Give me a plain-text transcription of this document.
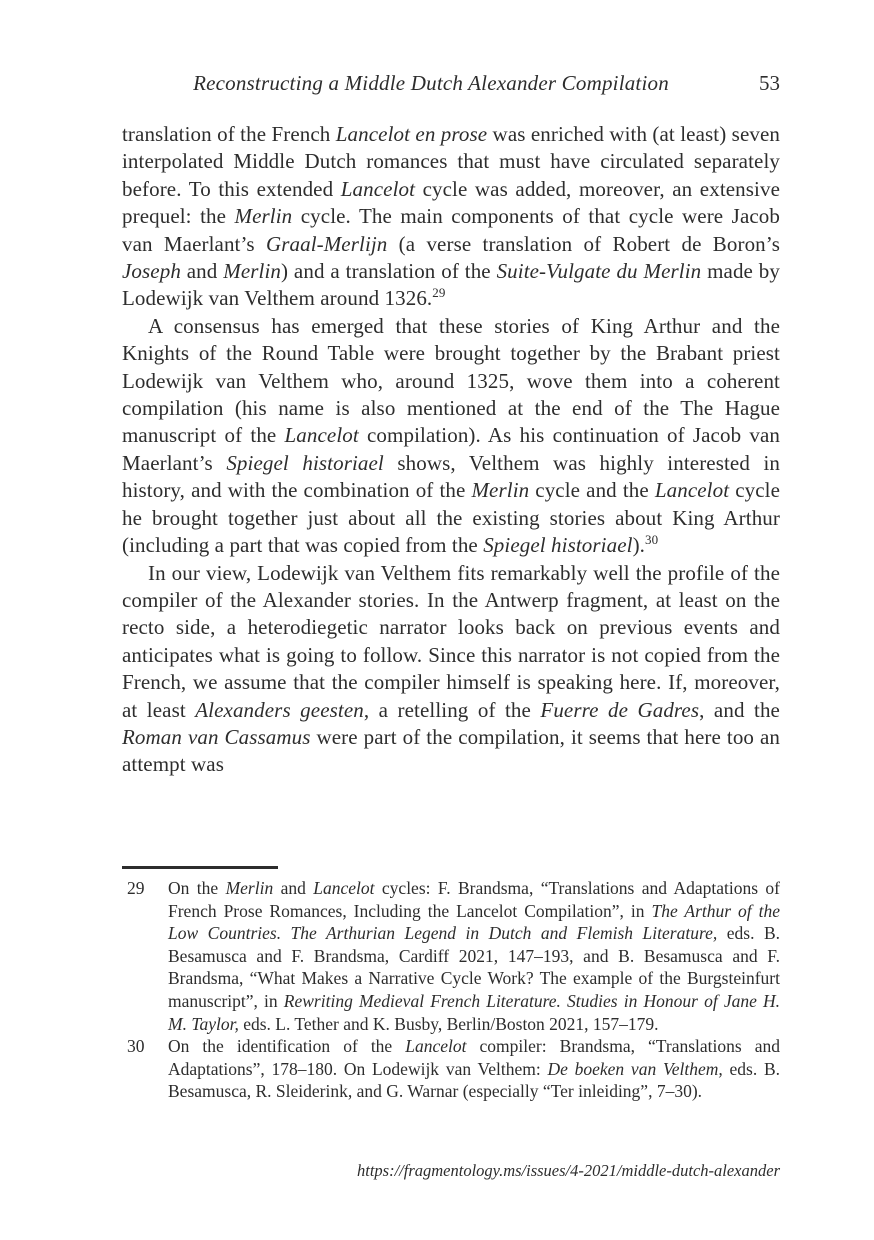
Reconstructing a Middle Dutch Alexander Compilation	53

translation of the French Lancelot en prose was enriched with (at least) seven interpolated Middle Dutch romances that must have circulated separately before. To this extended Lancelot cycle was added, moreover, an extensive prequel: the Merlin cycle. The main components of that cycle were Jacob van Maerlant’s Graal-Merlijn (a verse translation of Robert de Boron’s Joseph and Merlin) and a translation of the Suite-Vulgate du Merlin made by Lodewijk van Velthem around 1326.29

A consensus has emerged that these stories of King Arthur and the Knights of the Round Table were brought together by the Brabant priest Lodewijk van Velthem who, around 1325, wove them into a coherent compilation (his name is also mentioned at the end of the The Hague manuscript of the Lancelot compilation). As his continuation of Jacob van Maerlant’s Spiegel historiael shows, Velthem was highly interested in history, and with the combination of the Merlin cycle and the Lancelot cycle he brought together just about all the existing stories about King Arthur (including a part that was copied from the Spiegel historiael).$^{30}$

In our view, Lodewijk van Velthem fits remarkably well the profile of the compiler of the Alexander stories. In the Antwerp fragment, at least on the recto side, a heterodiegetic narrator looks back on previous events and anticipates what is going to follow. Since this narrator is not copied from the French, we assume that the compiler himself is speaking here. If, moreover, at least Alexanders geesten, a retelling of the Fuerre de Gadres, and the Roman van Cassamus were part of the compilation, it seems that here too an attempt was

29	On the Merlin and Lancelot cycles: F. Brandsma, “Translations and Adaptations of French Prose Romances, Including the Lancelot Compilation”, in The Arthur of the Low Countries. The Arthurian Legend in Dutch and Flemish Literature, eds. B. Besamusca and F. Brandsma, Cardiff 2021, 147–193, and B. Besamusca and F. Brandsma, “What Makes a Narrative Cycle Work? The example of the Burgsteinfurt manuscript”, in Rewriting Medieval French Literature. Studies in Honour of Jane H. M. Taylor, eds. L. Tether and K. Busby, Berlin/Boston 2021, 157–179.
30	On the identification of the Lancelot compiler: Brandsma, “Translations and Adaptations”, 178–180. On Lodewijk van Velthem: De boeken van Velthem, eds. B. Besamusca, R. Sleiderink, and G. Warnar (especially “Ter inleiding”, 7–30).
https://fragmentology.ms/issues/4-2021/middle-dutch-alexander
